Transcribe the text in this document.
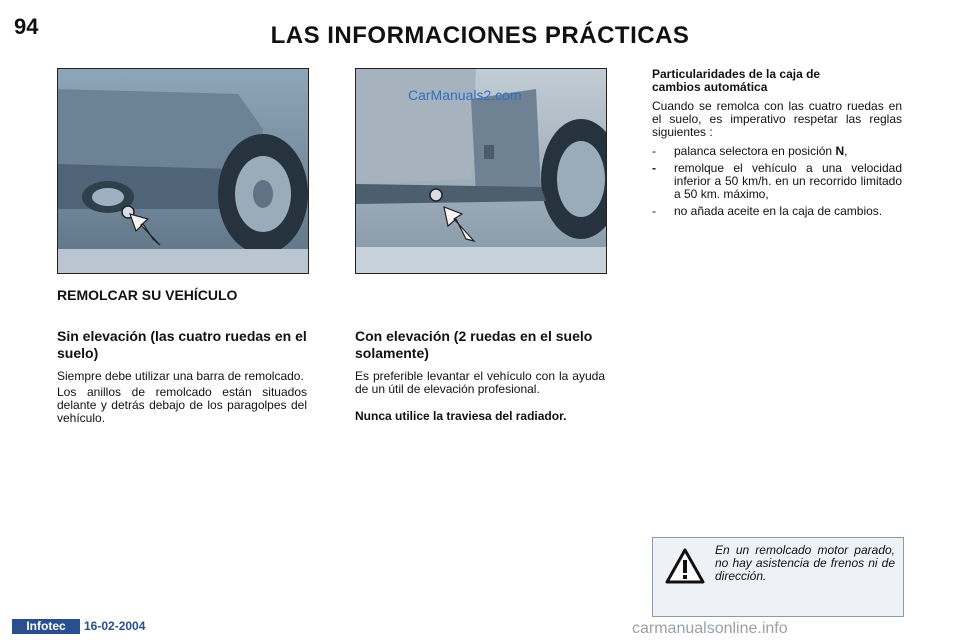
94	LAS INFORMACIONES PRÁCTICAS
CarManuals2.com
REMOLCAR SU VEHÍCULO
Sin elevación (las cuatro ruedas en el suelo)

Siempre debe utilizar una barra de remolcado.

Los anillos de remolcado están situados delante y detrás debajo de los paragolpes del vehículo.

Con elevación (2 ruedas en el suelo solamente)

Es preferible levantar el vehículo con la ayuda de un útil de elevación profesional.

Nunca utilice la traviesa del radiador.

Particularidades de la caja de cambios automática

Cuando se remolca con las cuatro ruedas en el suelo, es imperativo respetar las reglas siguientes :

- palanca selectora en posición N,
- remolque el vehículo a una velocidad inferior a 50 km/h. en un recorrido limitado a 50 km. máximo,
- no añada aceite en la caja de cambios.
En un remolcado motor parado, no hay asistencia de frenos ni de dirección.
Infotec	16-02-2004	carmanualsonline.info
